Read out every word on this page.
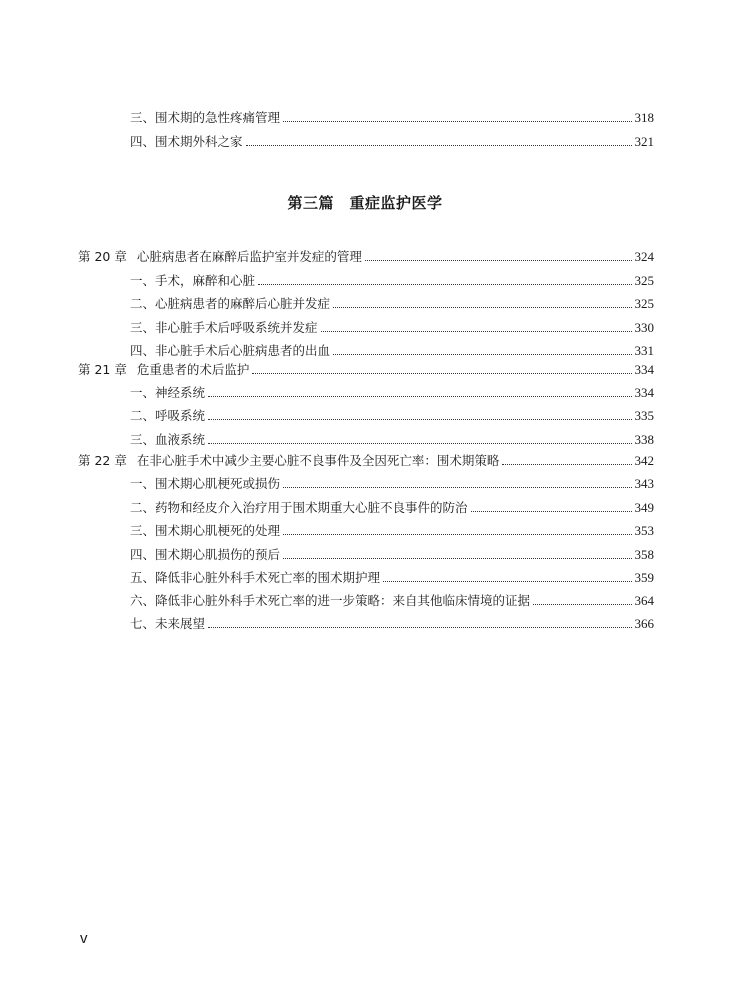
三、围术期的急性疼痛管理	318
四、围术期外科之家	321
第 20 章 心脏病患者在麻醉后监护室并发症的管理	324
一、手术，麻醉和心脏	325
二、心脏病患者的麻醉后心脏并发症	325
三、非心脏手术后呼吸系统并发症	330
四、非心脏手术后心脏病患者的出血	331
第 21 章 危重患者的术后监护	334
一、神经系统	334
二、呼吸系统	335
三、血液系统	338
第 22 章 在非心脏手术中减少主要心脏不良事件及全因死亡率：围术期策略	342
一、围术期心肌梗死或损伤	343
二、药物和经皮介入治疗用于围术期重大心脏不良事件的防治	349
三、围术期心肌梗死的处理	353
四、围术期心肌损伤的预后	358
五、降低非心脏外科手术死亡率的围术期护理	359
六、降低非心脏外科手术死亡率的进一步策略：来自其他临床情境的证据	364
七、未来展望	366
第三篇　重症监护医学
v
